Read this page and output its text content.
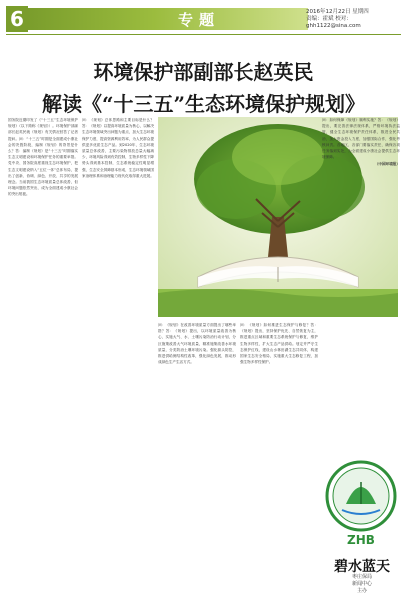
6	专题	2016年12月22日 星期四
责编：霍斌 校对：
ghh1122@sina.com
环境保护部副部长赵英民
解读《“十三五”生态环境保护规划》

国务院近期印发了《“十三五”生态环境保护规划》（以下简称《规划》）。环境保护部副部长赵英民就《规划》有关情况回答了记者提问。问：“十三五”时期是全面建成小康社会的决胜阶段，编制《规划》的背景是什么？答：编制《规划》是“十三五”时期落实生态文明建设和环境保护任务的重要举措。党中央、国务院高度重视生态环境保护，把生态文明建设纳入“五位一体”总体布局，提出了创新、协调、绿色、开放、共享的发展理念。当前我国生态环境质量总体改善，但环境问题依然突出，成为全面建成小康社会的突出短板。

问：《规划》总体思路和主要目标是什么？答：《规划》以提高环境质量为核心，以解决生态环境领域突出问题为重点，加大生态环境保护力度，提高资源利用效率，为人民群众提供更多优质生态产品。到2020年，生态环境质量总体改善，主要污染物排放总量大幅减少，环境风险得到有效控制，生物多样性下降势头得到基本控制，生态系统稳定性明显增强，生态安全屏障基本形成，生态环境领域国家治理体系和治理能力现代化取得重大进展。

问：《规划》在改善环境质量方面提出了哪些举措？答：《规划》提出，以环境质量改善为核心，实施大气、水、土壤污染防治行动计划，分区施策改善大气环境质量，精准施策改善水环境质量，分类防治土壤环境污染。强化源头防控，推进供给侧结构性改革，强化绿色发展，推动形成绿色生产生活方式。

问：《规划》如何推进生态保护与修复？答：《规划》提出，坚持保护优先、自然恢复为主，推进重点区域和重要生态系统保护与修复，维护生物多样性，扩大生态产品供给。划定并严守生态保护红线，建设山水林田湖生态共同体，构建国家生态安全格局，实施重大生态修复工程，加强生物多样性保护。

问：如何保障《规划》顺利实施？答：《规划》提出，要完善法律法规体系，严格环境执法监管，健全生态环境保护责任体系，推进全民共治，加大资金投入力度，加强国际合作，强化考核问责。各地区、各部门要落实责任，确保各项任务落到实处，为全面建成小康社会提供生态环境保障。

（中国环境报）

ZHB
碧水蓝天
枣庄保局
新闻中心
主办
